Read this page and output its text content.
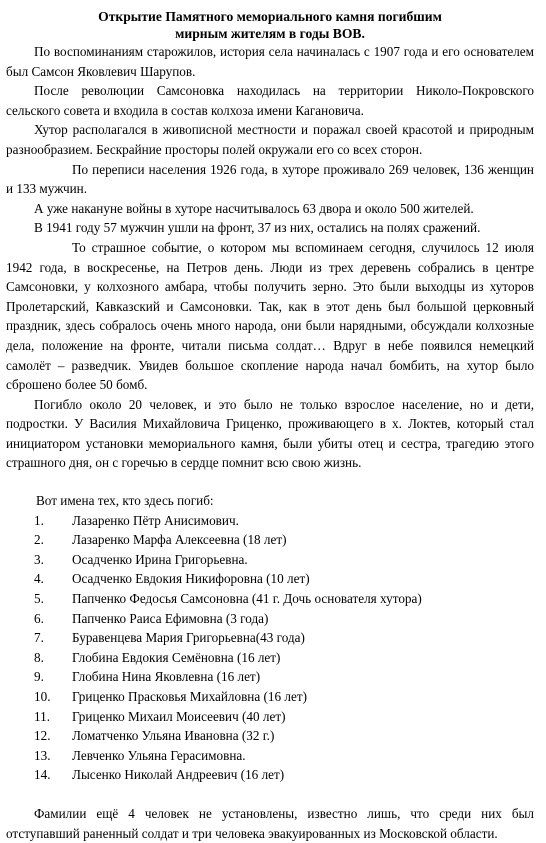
Открытие Памятного мемориального камня погибшим
мирным жителям в годы ВОВ.

По воспоминаниям старожилов, история села начиналась с 1907 года и его основателем был Самсон Яковлевич Шарупов.

После революции Самсоновка находилась на территории Николо-Покровского сельского совета и входила в состав колхоза имени Кагановича.

Хутор располагался в живописной местности и поражал своей красотой и природным разнообразием. Бескрайние просторы полей окружали его со всех сторон.

По переписи населения 1926 года, в хуторе проживало 269 человек, 136 женщин и 133 мужчин.

А уже накануне войны в хуторе насчитывалось 63 двора и около 500 жителей.

В 1941 году 57 мужчин ушли на фронт, 37 из них, остались на полях сражений.

То страшное событие, о котором мы вспоминаем сегодня, случилось 12 июля 1942 года, в воскресенье, на Петров день. Люди из трех деревень собрались в центре Самсоновки, у колхозного амбара, чтобы получить зерно. Это были выходцы из хуторов Пролетарский, Кавказский и Самсоновки. Так, как в этот день был большой церковный праздник, здесь собралось очень много народа, они были нарядными, обсуждали колхозные дела, положение на фронте, читали письма солдат… Вдруг в небе появился немецкий самолёт – разведчик. Увидев большое скопление народа начал бомбить, на хутор было сброшено более 50 бомб.

Погибло около 20 человек, и это было не только взрослое население, но и дети, подростки. У Василия Михайловича Гриценко, проживающего в х. Локтев, который стал инициатором установки мемориального камня, были убиты отец и сестра, трагедию этого страшного дня, он с горечью в сердце помнит всю свою жизнь.

Вот имена тех, кто здесь погиб:

1. Лазаренко Пётр Анисимович.
2. Лазаренко Марфа Алексеевна (18 лет)
3. Осадченко Ирина Григорьевна.
4. Осадченко Евдокия Никифоровна (10 лет)
5. Папченко Федосья Самсоновна (41 г. Дочь основателя хутора)
6. Папченко Раиса Ефимовна (3 года)
7. Буравенцева Мария Григорьевна(43 года)
8. Глобина Евдокия Семёновна (16 лет)
9. Глобина Нина Яковлевна (16 лет)
10. Гриценко Прасковья Михайловна (16 лет)
11. Гриценко Михаил Моисеевич (40 лет)
12. Ломатченко Ульяна Ивановна (32 г.)
13. Левченко Ульяна Герасимовна.
14. Лысенко Николай Андреевич (16 лет)

Фамилии ещё 4 человек не установлены, известно лишь, что среди них был отступавший раненный солдат и три человека эвакуированных из Московской области.
